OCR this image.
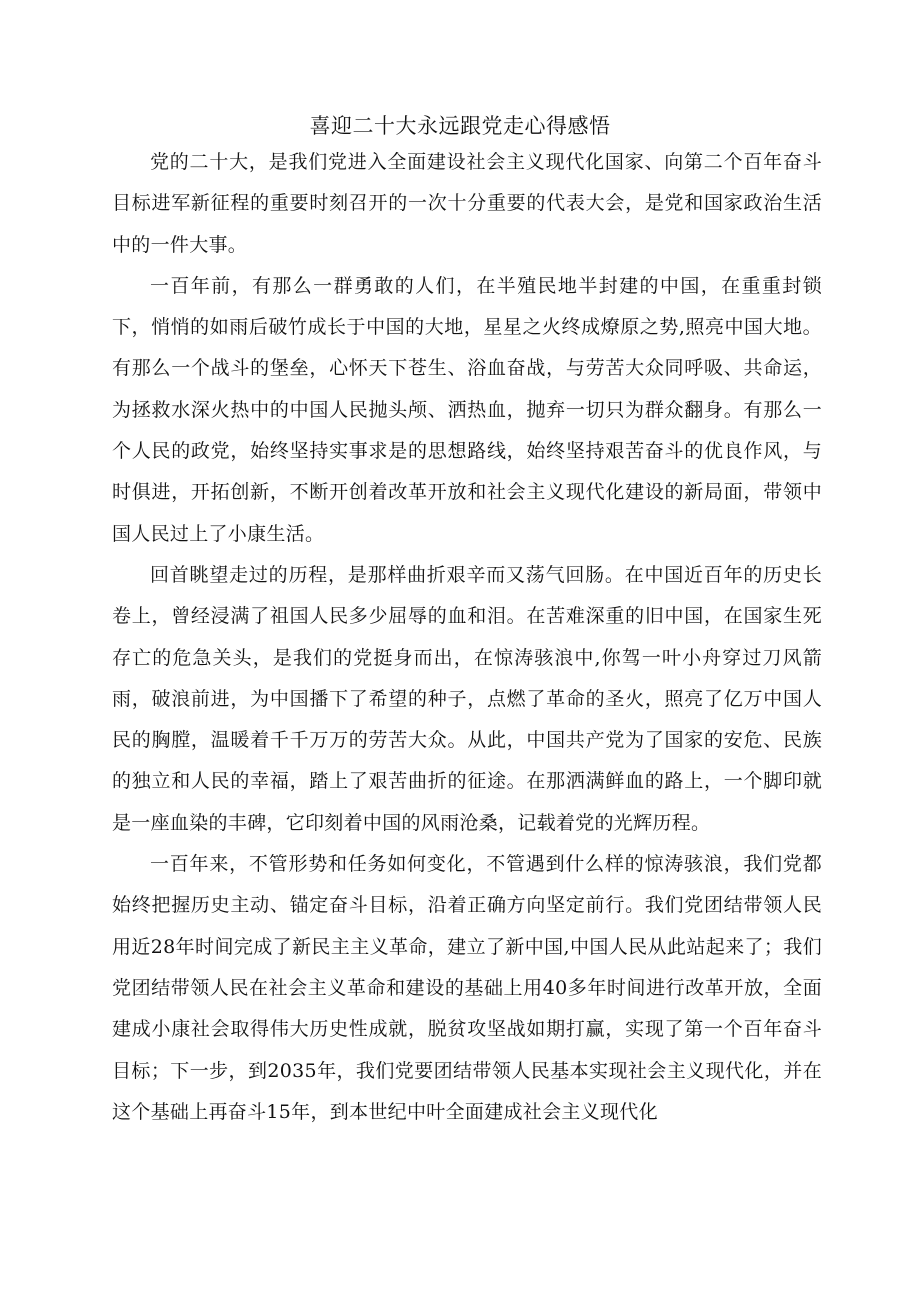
喜迎二十大永远跟党走心得感悟

党的二十大，是我们党进入全面建设社会主义现代化国家、向第二个百年奋斗目标进军新征程的重要时刻召开的一次十分重要的代表大会，是党和国家政治生活中的一件大事。

一百年前，有那么一群勇敢的人们，在半殖民地半封建的中国，在重重封锁下，悄悄的如雨后破竹成长于中国的大地，星星之火终成燎原之势,照亮中国大地。有那么一个战斗的堡垒，心怀天下苍生、浴血奋战，与劳苦大众同呼吸、共命运，为拯救水深火热中的中国人民抛头颅、洒热血，抛弃一切只为群众翻身。有那么一个人民的政党，始终坚持实事求是的思想路线，始终坚持艰苦奋斗的优良作风，与时俱进，开拓创新，不断开创着改革开放和社会主义现代化建设的新局面，带领中国人民过上了小康生活。

回首眺望走过的历程，是那样曲折艰辛而又荡气回肠。在中国近百年的历史长卷上，曾经浸满了祖国人民多少屈辱的血和泪。在苦难深重的旧中国，在国家生死存亡的危急关头，是我们的党挺身而出，在惊涛骇浪中,你驾一叶小舟穿过刀风箭雨，破浪前进，为中国播下了希望的种子，点燃了革命的圣火，照亮了亿万中国人民的胸膛，温暖着千千万万的劳苦大众。从此，中国共产党为了国家的安危、民族的独立和人民的幸福，踏上了艰苦曲折的征途。在那洒满鲜血的路上，一个脚印就是一座血染的丰碑，它印刻着中国的风雨沧桑，记载着党的光辉历程。

一百年来，不管形势和任务如何变化，不管遇到什么样的惊涛骇浪，我们党都始终把握历史主动、锚定奋斗目标，沿着正确方向坚定前行。我们党团结带领人民用近28年时间完成了新民主主义革命，建立了新中国,中国人民从此站起来了；我们党团结带领人民在社会主义革命和建设的基础上用40多年时间进行改革开放，全面建成小康社会取得伟大历史性成就，脱贫攻坚战如期打赢，实现了第一个百年奋斗目标；下一步，到2035年，我们党要团结带领人民基本实现社会主义现代化，并在这个基础上再奋斗15年，到本世纪中叶全面建成社会主义现代化
